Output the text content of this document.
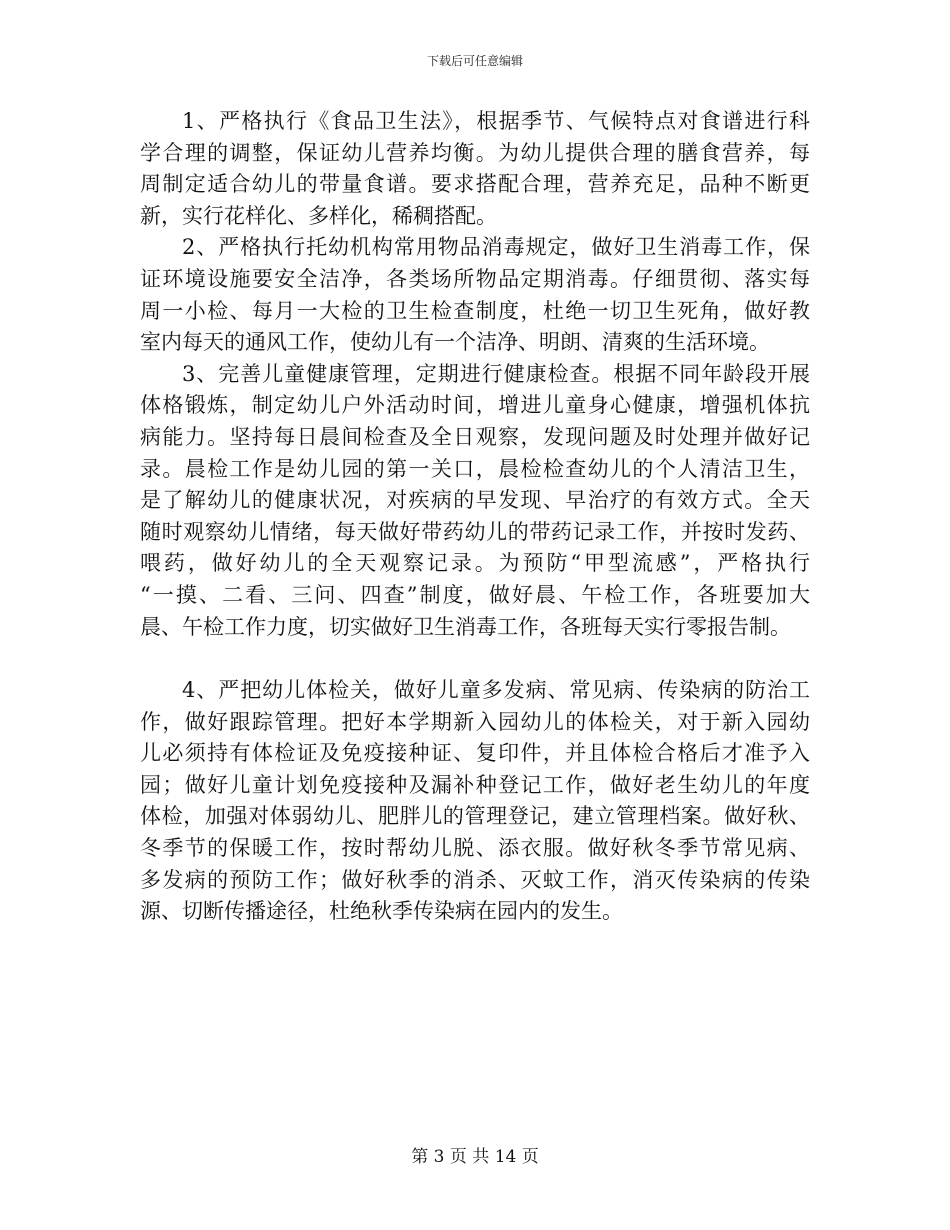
下载后可任意编辑
1、严格执行《食品卫生法》，根据季节、气候特点对食谱进行科
学合理的调整，保证幼儿营养均衡。为幼儿提供合理的膳食营养，每
周制定适合幼儿的带量食谱。要求搭配合理，营养充足，品种不断更
新，实行花样化、多样化，稀稠搭配。
2、严格执行托幼机构常用物品消毒规定，做好卫生消毒工作，保
证环境设施要安全洁净，各类场所物品定期消毒。仔细贯彻、落实每
周一小检、每月一大检的卫生检查制度，杜绝一切卫生死角，做好教
室内每天的通风工作，使幼儿有一个洁净、明朗、清爽的生活环境。
3、完善儿童健康管理，定期进行健康检查。根据不同年龄段开展
体格锻炼，制定幼儿户外活动时间，增进儿童身心健康，增强机体抗
病能力。坚持每日晨间检查及全日观察，发现问题及时处理并做好记
录。晨检工作是幼儿园的第一关口，晨检检查幼儿的个人清洁卫生，
是了解幼儿的健康状况，对疾病的早发现、早治疗的有效方式。全天
随时观察幼儿情绪，每天做好带药幼儿的带药记录工作，并按时发药、
喂药，做好幼儿的全天观察记录。为预防“甲型流感”，严格执行
“一摸、二看、三问、四查”制度，做好晨、午检工作，各班要加大
晨、午检工作力度，切实做好卫生消毒工作，各班每天实行零报告制。
4、严把幼儿体检关，做好儿童多发病、常见病、传染病的防治工
作，做好跟踪管理。把好本学期新入园幼儿的体检关，对于新入园幼
儿必须持有体检证及免疫接种证、复印件，并且体检合格后才准予入
园；做好儿童计划免疫接种及漏补种登记工作，做好老生幼儿的年度
体检，加强对体弱幼儿、肥胖儿的管理登记，建立管理档案。做好秋、
冬季节的保暖工作，按时帮幼儿脱、添衣服。做好秋冬季节常见病、
多发病的预防工作；做好秋季的消杀、灭蚊工作，消灭传染病的传染
源、切断传播途径，杜绝秋季传染病在园内的发生。
第 3 页 共 14 页
